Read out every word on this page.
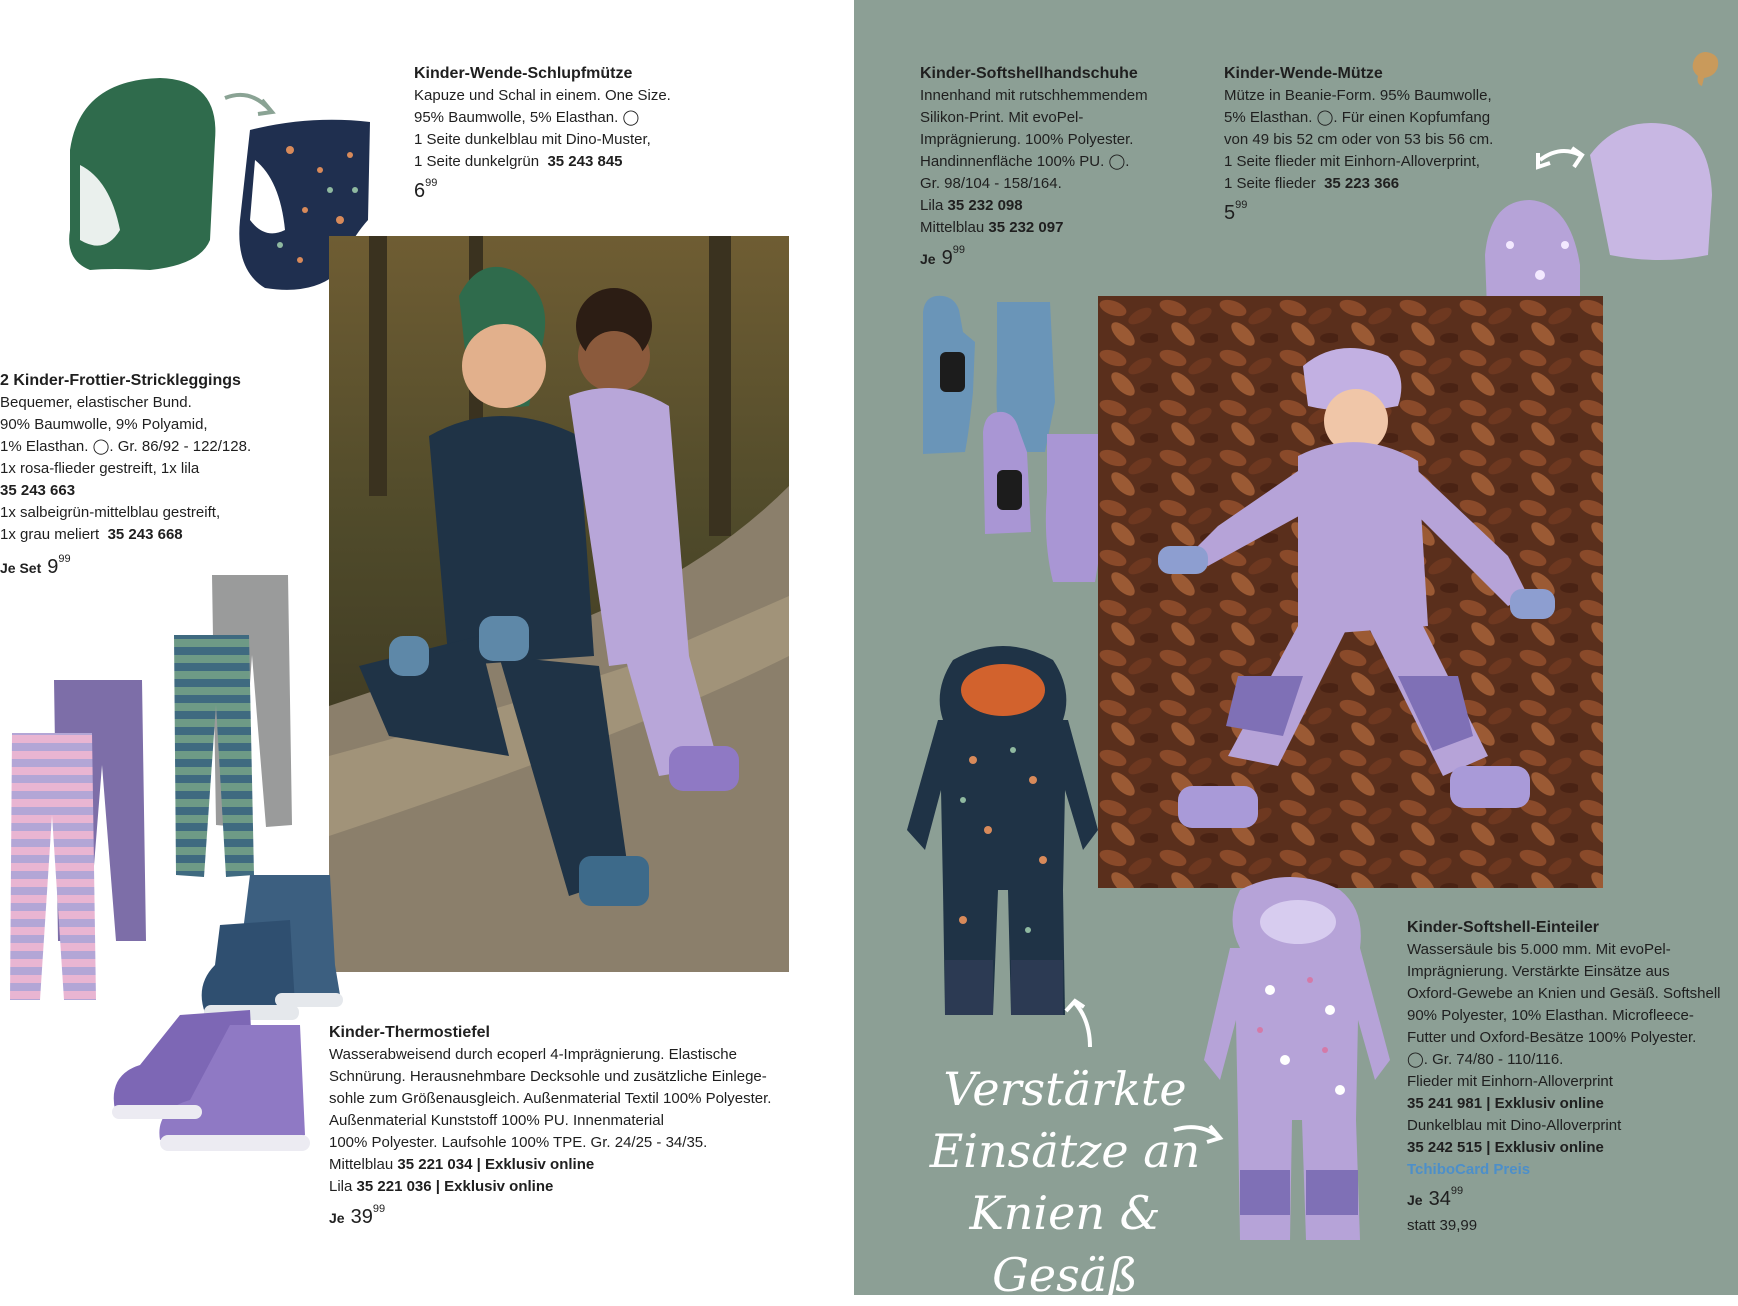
Kinder-Wende-Schlupfmütze
Kapuze und Schal in einem. One Size.
95% Baumwolle, 5% Elasthan. ◯
1 Seite dunkelblau mit Dino-Muster,
1 Seite dunkelgrün 35 243 845
$6^{99}$
2 Kinder-Frottier-Strickleggings
Bequemer, elastischer Bund.
90% Baumwolle, 9% Polyamid,
1% Elasthan. ◯. Gr. 86/92 - 122/128.
1x rosa-flieder gestreift, 1x lila
35 243 663
1x salbeigrün-mittelblau gestreift,
1x grau meliert 35 243 668
Je Set $9^{99}$
Kinder-Thermostiefel
Wasserabweisend durch ecoperl 4-Imprägnierung. Elastische
Schnürung. Herausnehmbare Decksohle und zusätzliche Einlege-
sohle zum Größenausgleich. Außenmaterial Textil 100% Polyester.
Außenmaterial Kunststoff 100% PU. Innenmaterial
100% Polyester. Laufsohle 100% TPE. Gr. 24/25 - 34/35.
Mittelblau 35 221 034 | Exklusiv online
Lila 35 221 036 | Exklusiv online
Je $39^{99}$
Kinder-Softshellhandschuhe
Innenhand mit rutschhemmendem
Silikon-Print. Mit evoPel-
Imprägnierung. 100% Polyester.
Handinnenfläche 100% PU. ◯.
Gr. 98/104 - 158/164.
Lila 35 232 098
Mittelblau 35 232 097
Je $9^{99}$
Kinder-Wende-Mütze
Mütze in Beanie-Form. 95% Baumwolle,
5% Elasthan. ◯. Für einen Kopfumfang
von 49 bis 52 cm oder von 53 bis 56 cm.
1 Seite flieder mit Einhorn-Alloverprint,
1 Seite flieder 35 223 366
$5^{99}$
Verstärkte
Einsätze an
Knien & Gesäß
Kinder-Softshell-Einteiler
Wassersäule bis 5.000 mm. Mit evoPel-
Imprägnierung. Verstärkte Einsätze aus
Oxford-Gewebe an Knien und Gesäß. Softshell
90% Polyester, 10% Elasthan. Microfleece-
Futter und Oxford-Besätze 100% Polyester.
◯. Gr. 74/80 - 110/116.
Flieder mit Einhorn-Alloverprint
35 241 981 | Exklusiv online
Dunkelblau mit Dino-Alloverprint
35 242 515 | Exklusiv online
TchiboCard Preis
Je $34^{99}$
statt 39,99
